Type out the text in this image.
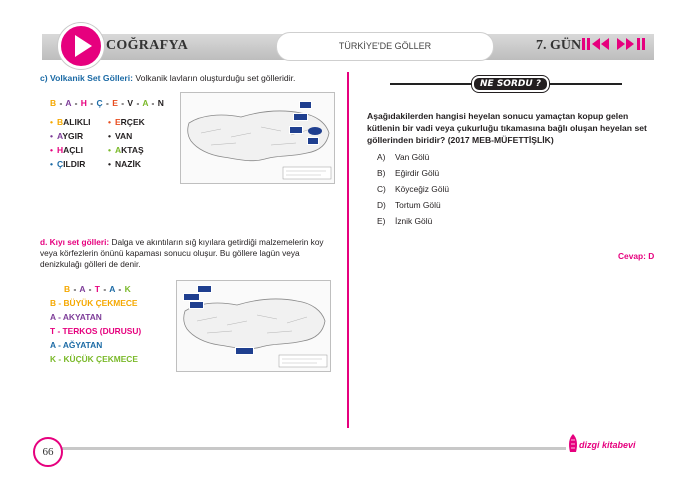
COĞRAFYA	TÜRKİYE'DE GÖLLER	7. GÜN
c) Volkanik Set Gölleri: Volkanik lavların oluşturduğu set gölleridir.
B - A - H - Ç - E - V - A - N
• BALIKLI
• AYGIR
• HAÇLI
• ÇILDIR
• ERÇEK
• VAN
• AKTAŞ
• NAZİK

d. Kıyı set gölleri: Dalga ve akıntıların sığ kıyılara getirdiği malzemelerin koy veya körfezlerin önünü kapaması sonucu oluşur. Bu göllere lagün veya denizkulağı gölleri de denir.
B - A - T - A - K
B - BÜYÜK ÇEKMECE
A - AKYATAN
T - TERKOS (DURUSU)
A - AĞYATAN
K - KÜÇÜK ÇEKMECE

NE SORDU ?
Aşağıdakilerden hangisi heyelan sonucu yamaçtan kopup gelen kütlenin bir vadi veya çukurluğu tıkamasına bağlı oluşan heyelan set göllerinden biridir? (2017 MEB-MÜFETTİŞLİK)
A) Van Gölü
B) Eğirdir Gölü
C) Köyceğiz Gölü
D) Tortum Gölü
E) İznik Gölü
Cevap: D
66
dizgi kitabevi
